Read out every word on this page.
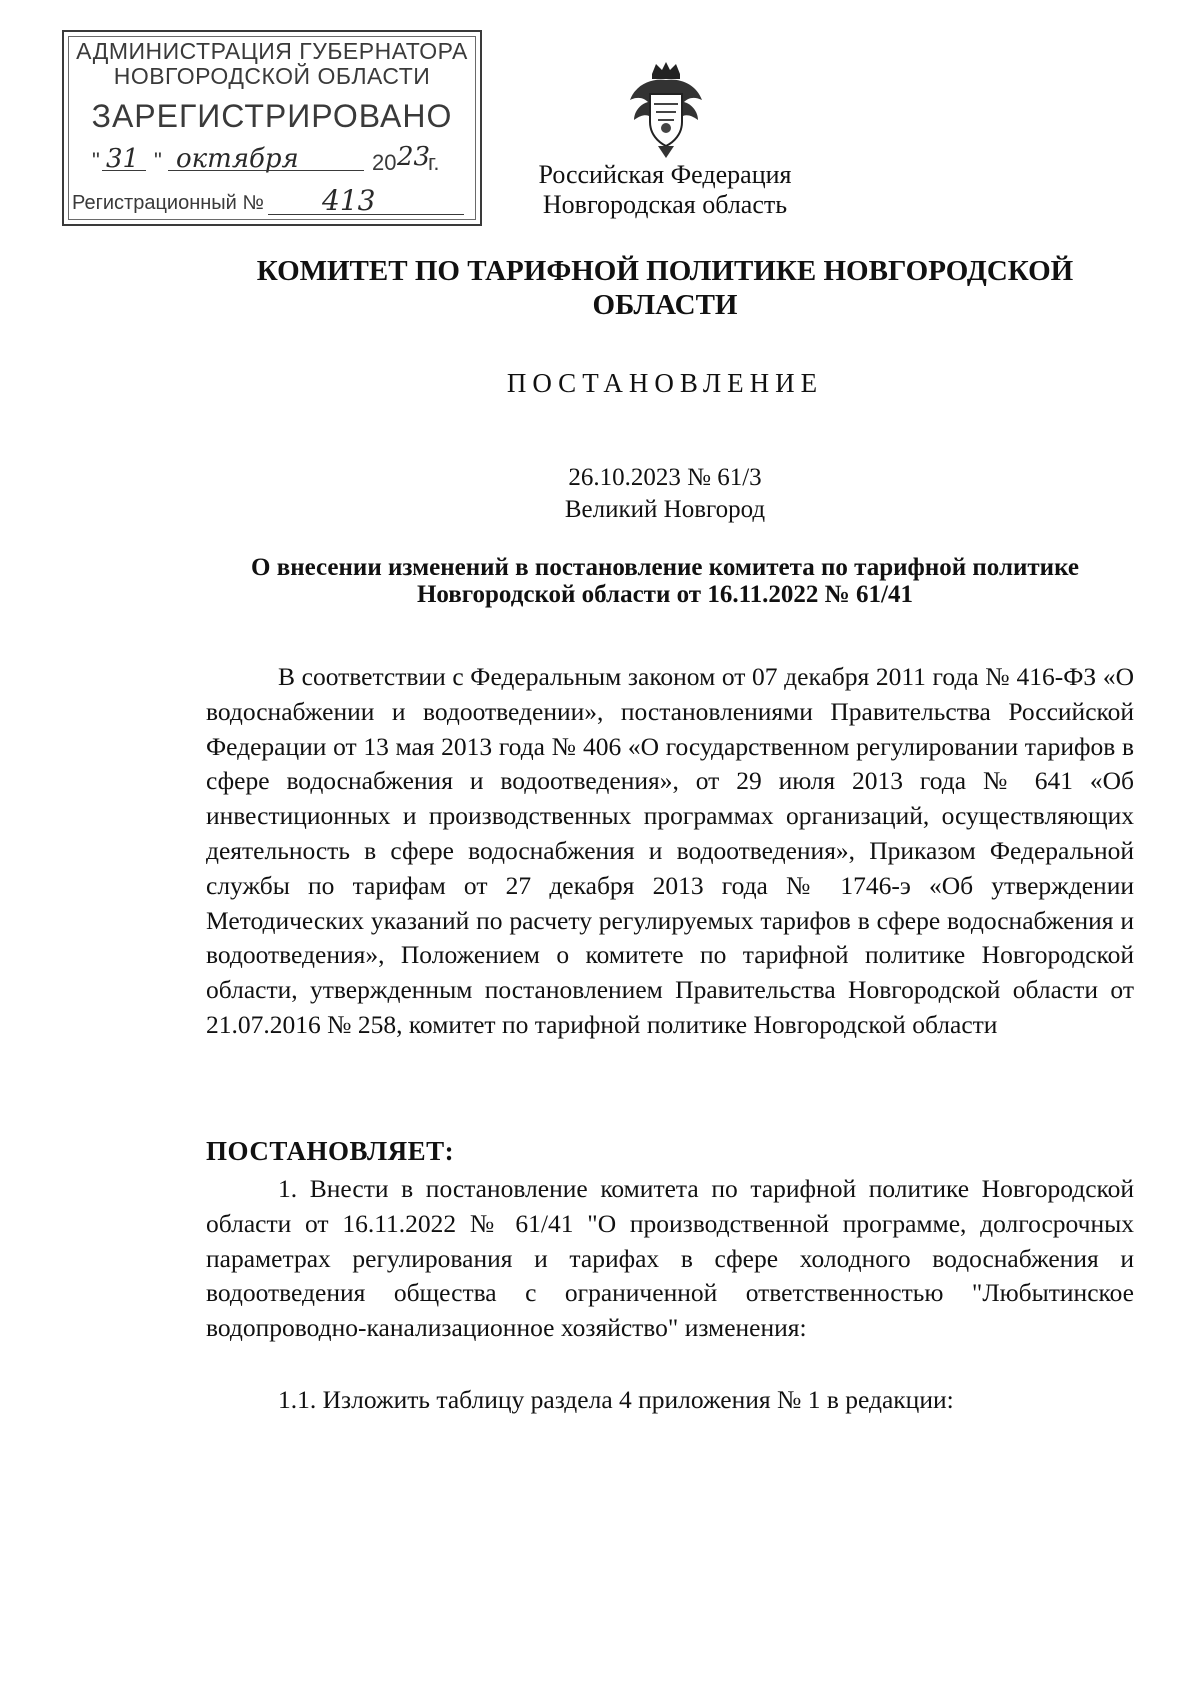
АДМИНИСТРАЦИЯ ГУБЕРНАТОРА
НОВГОРОДСКОЙ ОБЛАСТИ
ЗАРЕГИСТРИРОВАНО
" 31 " октября	20 23
г.
Регистрационный № 413
Российская Федерация
Новгородская область
КОМИТЕТ ПО ТАРИФНОЙ ПОЛИТИКЕ НОВГОРОДСКОЙ ОБЛАСТИ
ПОСТАНОВЛЕНИЕ
26.10.2023 № 61/3
Великий Новгород
О внесении изменений в постановление комитета по тарифной политике Новгородской области от 16.11.2022 № 61/41

В соответствии с Федеральным законом от 07 декабря 2011 года № 416-ФЗ «О водоснабжении и водоотведении», постановлениями Правительства Российской Федерации от 13 мая 2013 года № 406 «О государственном регулировании тарифов в сфере водоснабжения и водоотведения», от 29 июля 2013 года № 641 «Об инвестиционных и производственных программах организаций, осуществляющих деятельность в сфере водоснабжения и водоотведения», Приказом Федеральной службы по тарифам от 27 декабря 2013 года № 1746-э «Об утверждении Методических указаний по расчету регулируемых тарифов в сфере водоснабжения и водоотведения», Положением о комитете по тарифной политике Новгородской области, утвержденным постановлением Правительства Новгородской области от 21.07.2016 № 258, комитет по тарифной политике Новгородской области

ПОСТАНОВЛЯЕТ:

1. Внести в постановление комитета по тарифной политике Новгородской области от 16.11.2022 № 61/41 "О производственной программе, долгосрочных параметрах регулирования и тарифах в сфере холодного водоснабжения и водоотведения общества с ограниченной ответственностью "Любытинское водопроводно-канализационное хозяйство" изменения:

1.1. Изложить таблицу раздела 4 приложения № 1 в редакции:
